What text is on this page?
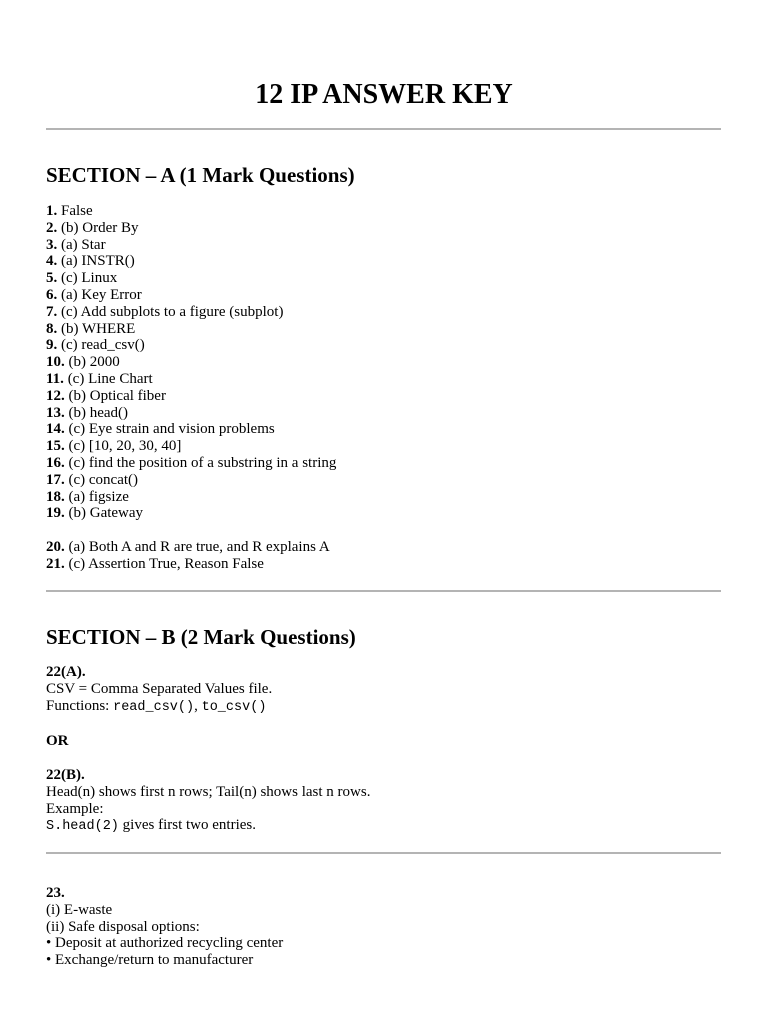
12 IP ANSWER KEY
SECTION – A (1 Mark Questions)
1. False
2. (b) Order By
3. (a) Star
4. (a) INSTR()
5. (c) Linux
6. (a) Key Error
7. (c) Add subplots to a figure (subplot)
8. (b) WHERE
9. (c) read_csv()
10. (b) 2000
11. (c) Line Chart
12. (b) Optical fiber
13. (b) head()
14. (c) Eye strain and vision problems
15. (c) [10, 20, 30, 40]
16. (c) find the position of a substring in a string
17. (c) concat()
18. (a) figsize
19. (b) Gateway
20. (a) Both A and R are true, and R explains A
21. (c) Assertion True, Reason False
SECTION – B (2 Mark Questions)
22(A).
CSV = Comma Separated Values file.
Functions: read_csv(), to_csv()
OR
22(B).
Head(n) shows first n rows; Tail(n) shows last n rows.
Example:
S.head(2) gives first two entries.
23.
(i) E-waste
(ii) Safe disposal options:
• Deposit at authorized recycling center
• Exchange/return to manufacturer
